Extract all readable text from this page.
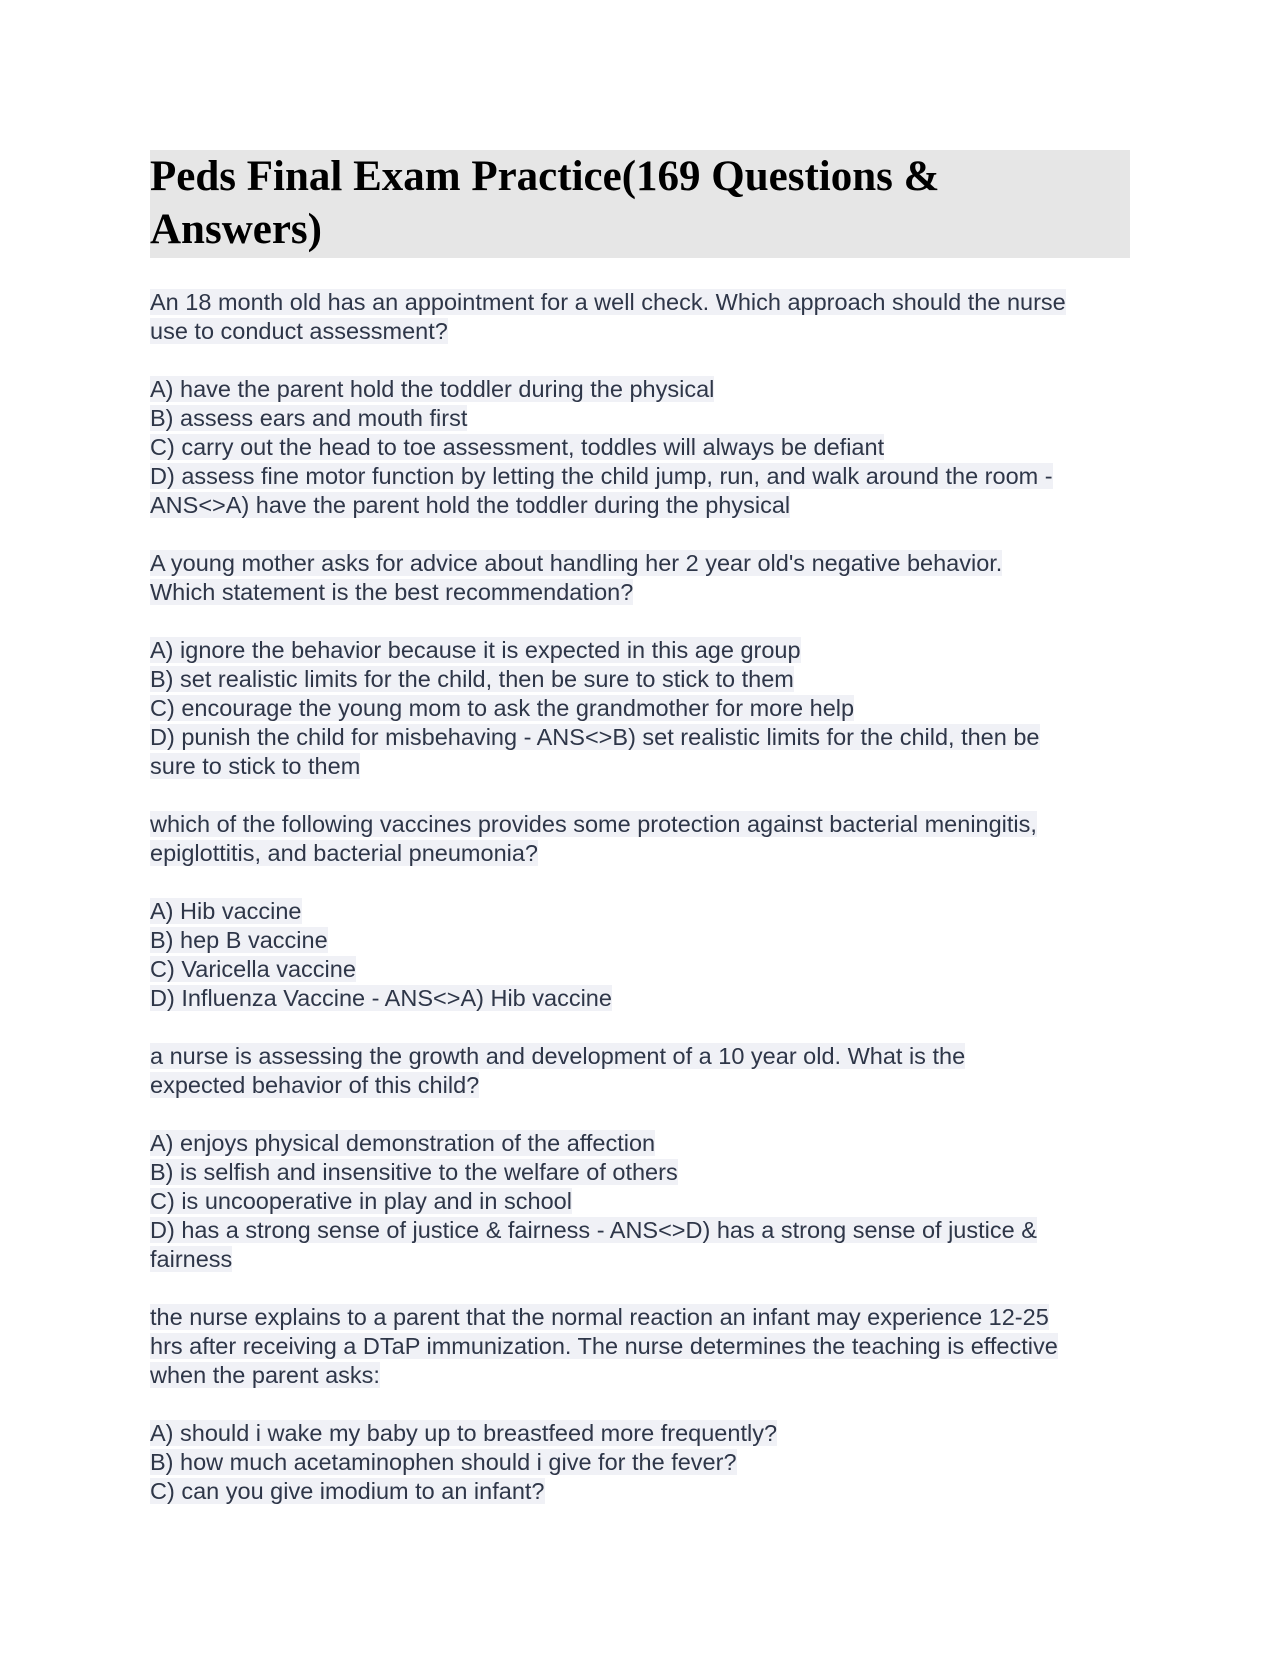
Peds Final Exam Practice(169 Questions &
Answers)
An 18 month old has an appointment for a well check. Which approach should the nurse
use to conduct assessment?
A) have the parent hold the toddler during the physical
B) assess ears and mouth first
C) carry out the head to toe assessment, toddles will always be defiant
D) assess fine motor function by letting the child jump, run, and walk around the room -
ANS<>A) have the parent hold the toddler during the physical
A young mother asks for advice about handling her 2 year old's negative behavior.
Which statement is the best recommendation?
A) ignore the behavior because it is expected in this age group
B) set realistic limits for the child, then be sure to stick to them
C) encourage the young mom to ask the grandmother for more help
D) punish the child for misbehaving - ANS<>B) set realistic limits for the child, then be
sure to stick to them
which of the following vaccines provides some protection against bacterial meningitis,
epiglottitis, and bacterial pneumonia?
A) Hib vaccine
B) hep B vaccine
C) Varicella vaccine
D) Influenza Vaccine - ANS<>A) Hib vaccine
a nurse is assessing the growth and development of a 10 year old. What is the
expected behavior of this child?
A) enjoys physical demonstration of the affection
B) is selfish and insensitive to the welfare of others
C) is uncooperative in play and in school
D) has a strong sense of justice & fairness - ANS<>D) has a strong sense of justice &
fairness
the nurse explains to a parent that the normal reaction an infant may experience 12-25
hrs after receiving a DTaP immunization. The nurse determines the teaching is effective
when the parent asks:
A) should i wake my baby up to breastfeed more frequently?
B) how much acetaminophen should i give for the fever?
C) can you give imodium to an infant?
